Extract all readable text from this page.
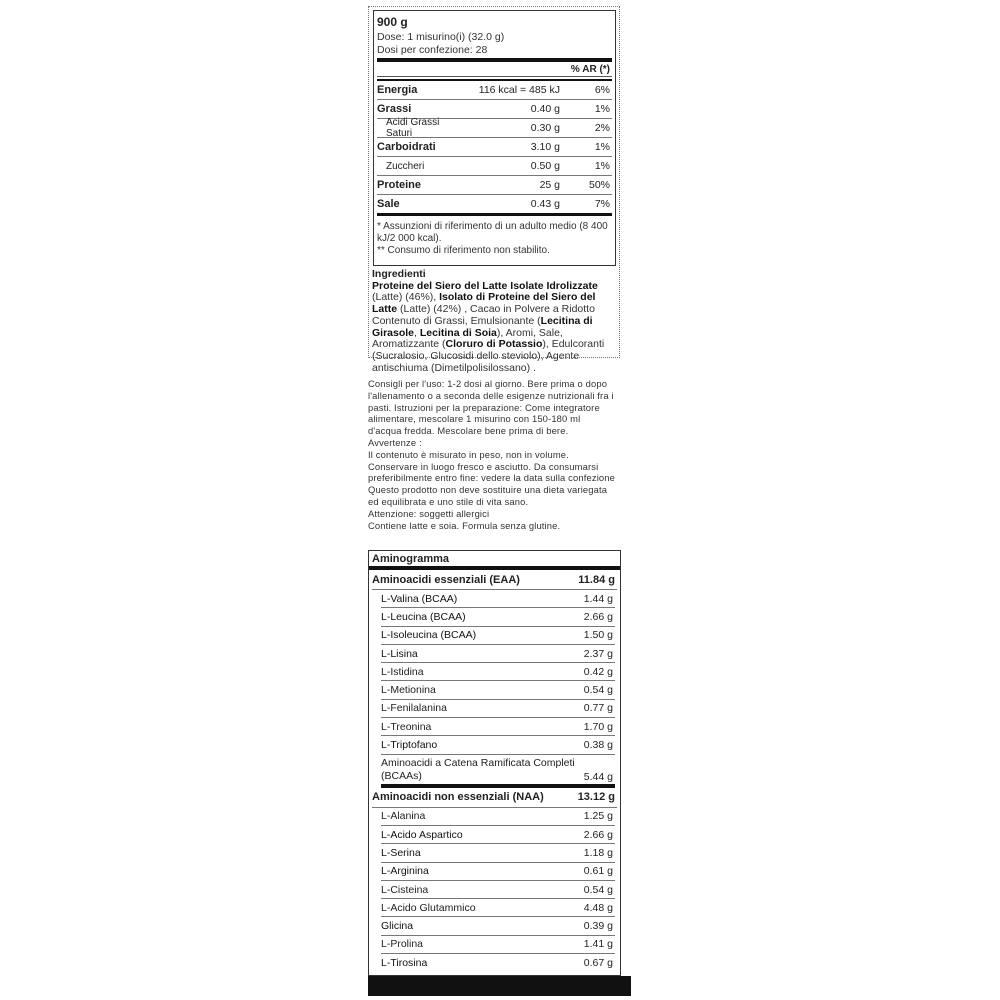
900 g
Dose: 1 misurino(i) (32.0 g)
Dosi per confezione: 28
% AR (*)
Energia	116 kcal = 485 kJ	6%
Grassi	0.40 g	1%
Acidi Grassi Saturi	0.30 g	2%
Carboidrati	3.10 g	1%
Zuccheri	0.50 g	1%
Proteine	25 g	50%
Sale	0.43 g	7%
* Assunzioni di riferimento di un adulto medio (8 400 kJ/2 000 kcal).
** Consumo di riferimento non stabilito.
Ingredienti
Proteine del Siero del Latte Isolate Idrolizzate (Latte) (46%), Isolato di Proteine del Siero del Latte (Latte) (42%) , Cacao in Polvere a Ridotto Contenuto di Grassi, Emulsionante (Lecitina di Girasole, Lecitina di Soia), Aromi, Sale, Aromatizzante (Cloruro di Potassio), Edulcoranti (Sucralosio, Glucosidi dello steviolo), Agente antischiuma (Dimetilpolisilossano) .
Consigli per l'uso: 1-2 dosi al giorno. Bere prima o dopo
l'allenamento o a seconda delle esigenze nutrizionali fra i
pasti. Istruzioni per la preparazione: Come integratore
alimentare, mescolare 1 misurino con 150-180 ml
d'acqua fredda. Mescolare bene prima di bere.
Avvertenze :
Il contenuto è misurato in peso, non in volume.
Conservare in luogo fresco e asciutto. Da consumarsi
preferibilmente entro fine: vedere la data sulla confezione
Questo prodotto non deve sostituire una dieta variegata
ed equilibrata e uno stile di vita sano.
Attenzione: soggetti allergici
Contiene latte e soia. Formula senza glutine.
Aminogramma
Aminoacidi essenziali (EAA)	11.84 g
L-Valina (BCAA)	1.44 g
L-Leucina (BCAA)	2.66 g
L-Isoleucina (BCAA)	1.50 g
L-Lisina	2.37 g
L-Istidina	0.42 g
L-Metionina	0.54 g
L-Fenilalanina	0.77 g
L-Treonina	1.70 g
L-Triptofano	0.38 g
Aminoacidi a Catena Ramificata Completi (BCAAs)	5.44 g
Aminoacidi non essenziali (NAA)	13.12 g
L-Alanina	1.25 g
L-Acido Aspartico	2.66 g
L-Serina	1.18 g
L-Arginina	0.61 g
L-Cisteina	0.54 g
L-Acido Glutammico	4.48 g
Glicina	0.39 g
L-Prolina	1.41 g
L-Tirosina	0.67 g
